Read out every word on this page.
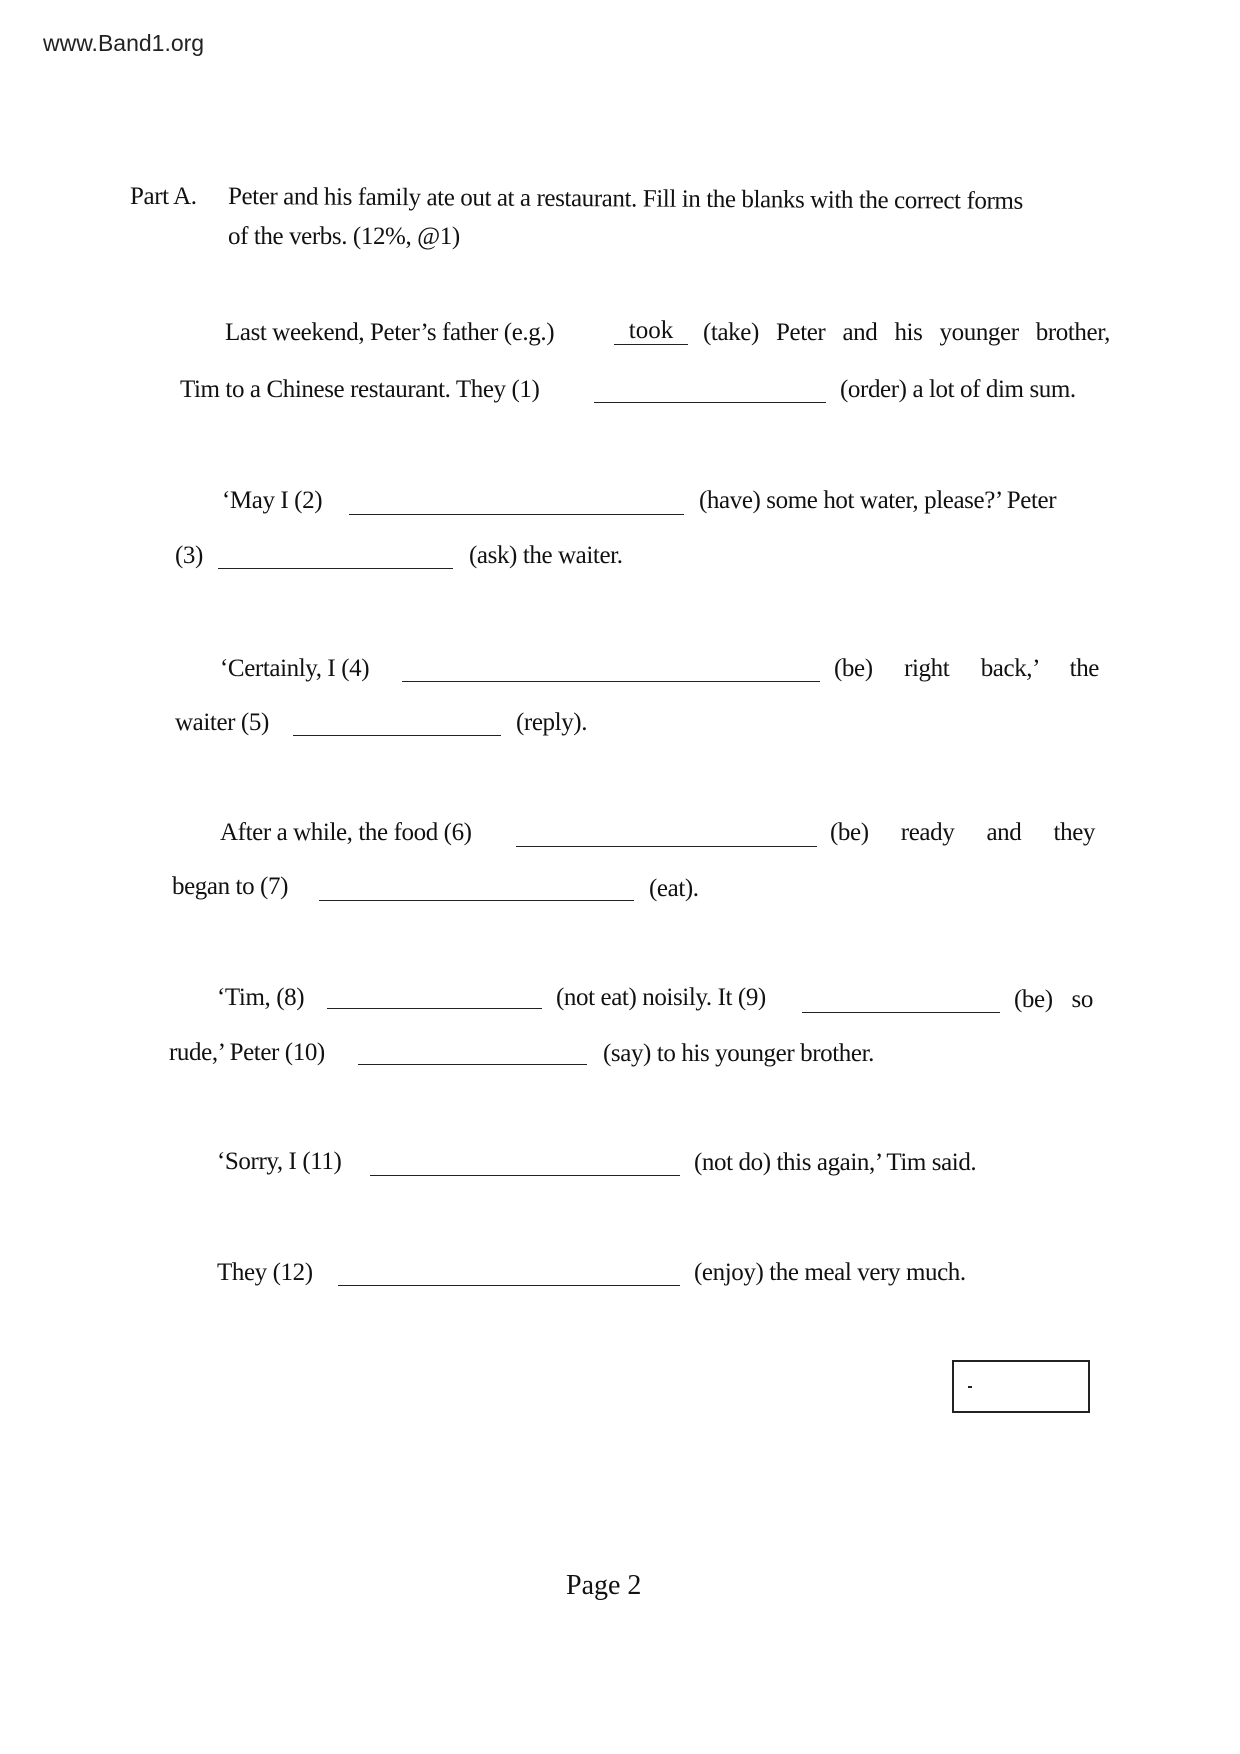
www.Band1.org
Part A. Peter and his family ate out at a restaurant. Fill in the blanks with the correct forms
of the verbs. (12%, @1)
Last weekend, Peter’s father (e.g.)	took	(take) Peter and his younger brother,
Tim to a Chinese restaurant. They (1)	(order) a lot of dim sum.
‘May I (2)	(have) some hot water, please?’ Peter
(3)	(ask) the waiter.
‘Certainly, I (4)	(be) right back,’ the
waiter (5)	(reply).
After a while, the food (6)	(be) ready and they
began to (7)	(eat).
‘Tim, (8)	(not eat) noisily. It (9)	(be) so
rude,’ Peter (10)	(say) to his younger brother.
‘Sorry, I (11)	(not do) this again,’ Tim said.
They (12)	(enjoy) the meal very much.
Page 2
